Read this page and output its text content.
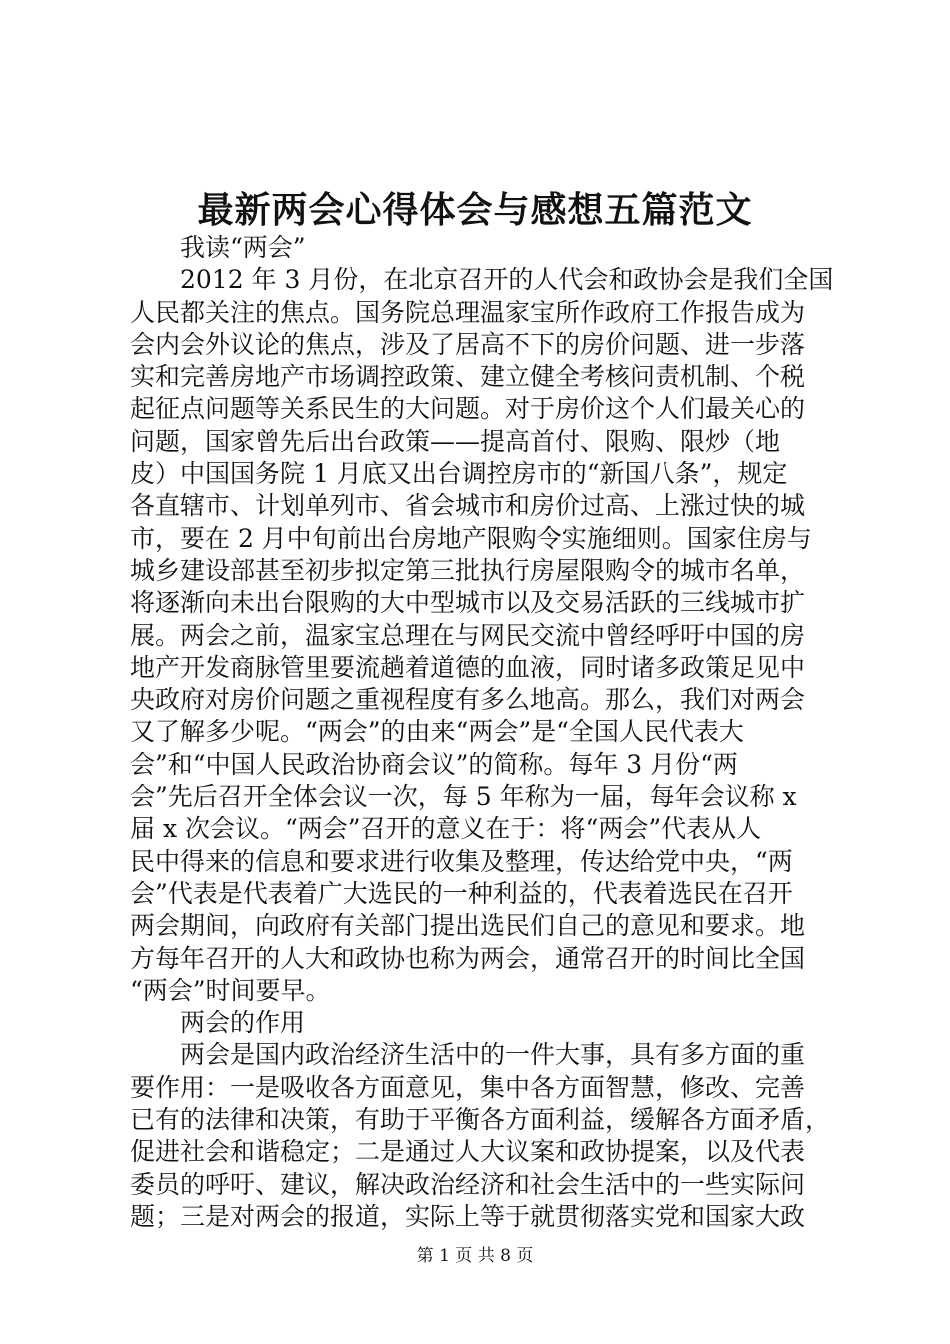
最新两会心得体会与感想五篇范文
我读“两会”
2012 年 3 月份，在北京召开的人代会和政协会是我们全国
人民都关注的焦点。国务院总理温家宝所作政府工作报告成为
会内会外议论的焦点，涉及了居高不下的房价问题、进一步落
实和完善房地产市场调控政策、建立健全考核问责机制、个税
起征点问题等关系民生的大问题。对于房价这个人们最关心的
问题，国家曾先后出台政策——提高首付、限购、限炒（地
皮）中国国务院 1 月底又出台调控房市的“新国八条”，规定
各直辖市、计划单列市、省会城市和房价过高、上涨过快的城
市，要在 2 月中旬前出台房地产限购令实施细则。国家住房与
城乡建设部甚至初步拟定第三批执行房屋限购令的城市名单，
将逐渐向未出台限购的大中型城市以及交易活跃的三线城市扩
展。两会之前，温家宝总理在与网民交流中曾经呼吁中国的房
地产开发商脉管里要流趟着道德的血液，同时诸多政策足见中
央政府对房价问题之重视程度有多么地高。那么，我们对两会
又了解多少呢。“两会”的由来“两会”是“全国人民代表大
会”和“中国人民政治协商会议”的简称。每年 3 月份“两
会”先后召开全体会议一次，每 5 年称为一届，每年会议称 x
届 x 次会议。“两会”召开的意义在于：将“两会”代表从人
民中得来的信息和要求进行收集及整理，传达给党中央，“两
会”代表是代表着广大选民的一种利益的，代表着选民在召开
两会期间，向政府有关部门提出选民们自己的意见和要求。地
方每年召开的人大和政协也称为两会，通常召开的时间比全国
“两会”时间要早。
两会的作用
两会是国内政治经济生活中的一件大事，具有多方面的重
要作用：一是吸收各方面意见，集中各方面智慧，修改、完善
已有的法律和决策，有助于平衡各方面利益，缓解各方面矛盾，
促进社会和谐稳定；二是通过人大议案和政协提案，以及代表
委员的呼吁、建议，解决政治经济和社会生活中的一些实际问
题；三是对两会的报道，实际上等于就贯彻落实党和国家大政
第 1 页 共 8 页
